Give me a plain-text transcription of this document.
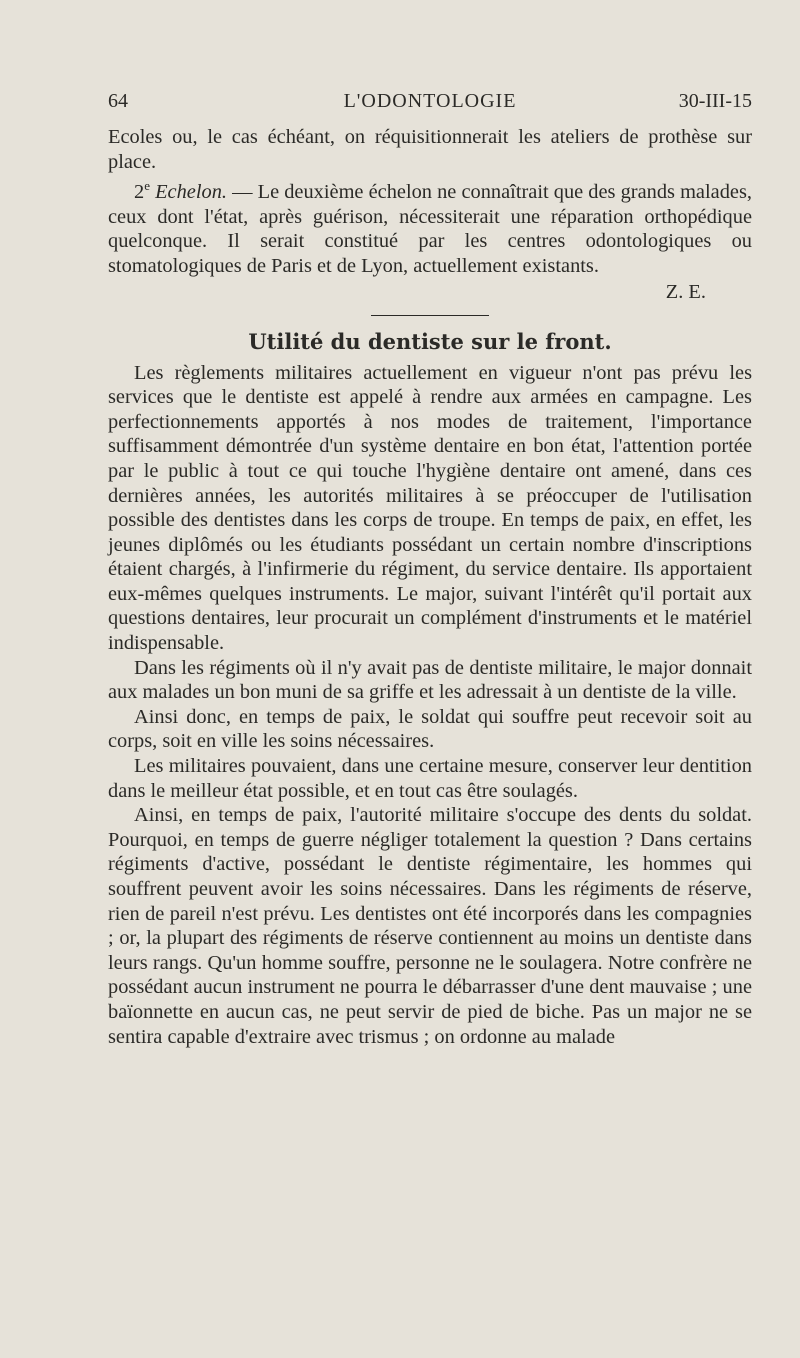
64	L'ODONTOLOGIE	30-III-15

Ecoles ou, le cas échéant, on réquisitionnerait les ateliers de prothèse sur place.

2e Echelon. — Le deuxième échelon ne connaîtrait que des grands malades, ceux dont l'état, après guérison, nécessiterait une réparation orthopédique quelconque. Il serait constitué par les centres odontologiques ou stomatologiques de Paris et de Lyon, actuellement existants.

Z. E.

Utilité du dentiste sur le front.

Les règlements militaires actuellement en vigueur n'ont pas prévu les services que le dentiste est appelé à rendre aux armées en campagne. Les perfectionnements apportés à nos modes de traitement, l'importance suffisamment démontrée d'un système dentaire en bon état, l'attention portée par le public à tout ce qui touche l'hygiène dentaire ont amené, dans ces dernières années, les autorités militaires à se préoccuper de l'utilisation possible des dentistes dans les corps de troupe. En temps de paix, en effet, les jeunes diplômés ou les étudiants possédant un certain nombre d'inscriptions étaient chargés, à l'infirmerie du régiment, du service dentaire. Ils apportaient eux-mêmes quelques instruments. Le major, suivant l'intérêt qu'il portait aux questions dentaires, leur procurait un complément d'instruments et le matériel indispensable.

Dans les régiments où il n'y avait pas de dentiste militaire, le major donnait aux malades un bon muni de sa griffe et les adressait à un dentiste de la ville.

Ainsi donc, en temps de paix, le soldat qui souffre peut recevoir soit au corps, soit en ville les soins nécessaires.

Les militaires pouvaient, dans une certaine mesure, conserver leur dentition dans le meilleur état possible, et en tout cas être soulagés.

Ainsi, en temps de paix, l'autorité militaire s'occupe des dents du soldat. Pourquoi, en temps de guerre négliger totalement la question ? Dans certains régiments d'active, possédant le dentiste régimentaire, les hommes qui souffrent peuvent avoir les soins nécessaires. Dans les régiments de réserve, rien de pareil n'est prévu. Les dentistes ont été incorporés dans les compagnies ; or, la plupart des régiments de réserve contiennent au moins un dentiste dans leurs rangs. Qu'un homme souffre, personne ne le soulagera. Notre confrère ne possédant aucun instrument ne pourra le débarrasser d'une dent mauvaise ; une baïonnette en aucun cas, ne peut servir de pied de biche. Pas un major ne se sentira capable d'extraire avec trismus ; on ordonne au malade
